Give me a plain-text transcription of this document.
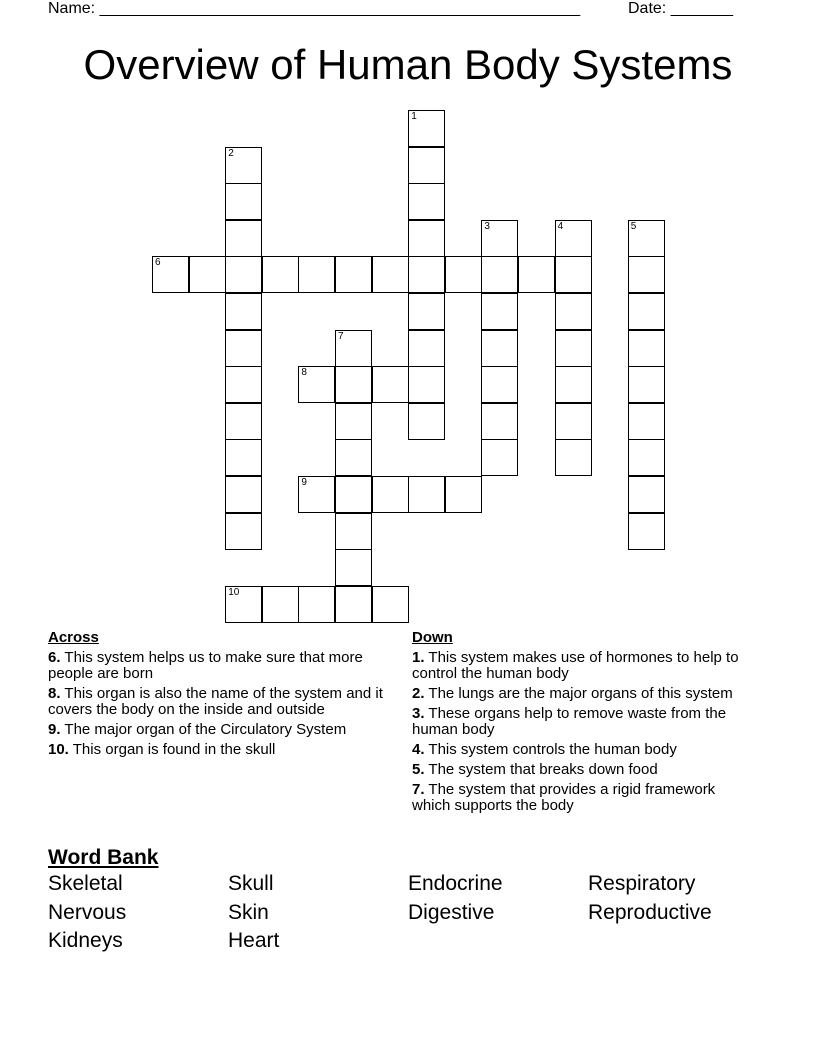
Name: ______________________________________________________	Date: _______
Overview of Human Body Systems
1
2
3	4	5
6
7
8
9
10
Across
6. This system helps us to make sure that more people are born
8. This organ is also the name of the system and it covers the body on the inside and outside
9. The major organ of the Circulatory System
10. This organ is found in the skull
Down
1. This system makes use of hormones to help to control the human body
2. The lungs are the major organs of this system
3. These organs help to remove waste from the human body
4. This system controls the human body
5. The system that breaks down food
7. The system that provides a rigid framework which supports the body
Word Bank
Skeletal	Skull	Endocrine	Respiratory
Nervous	Skin	Digestive	Reproductive
Kidneys	Heart
